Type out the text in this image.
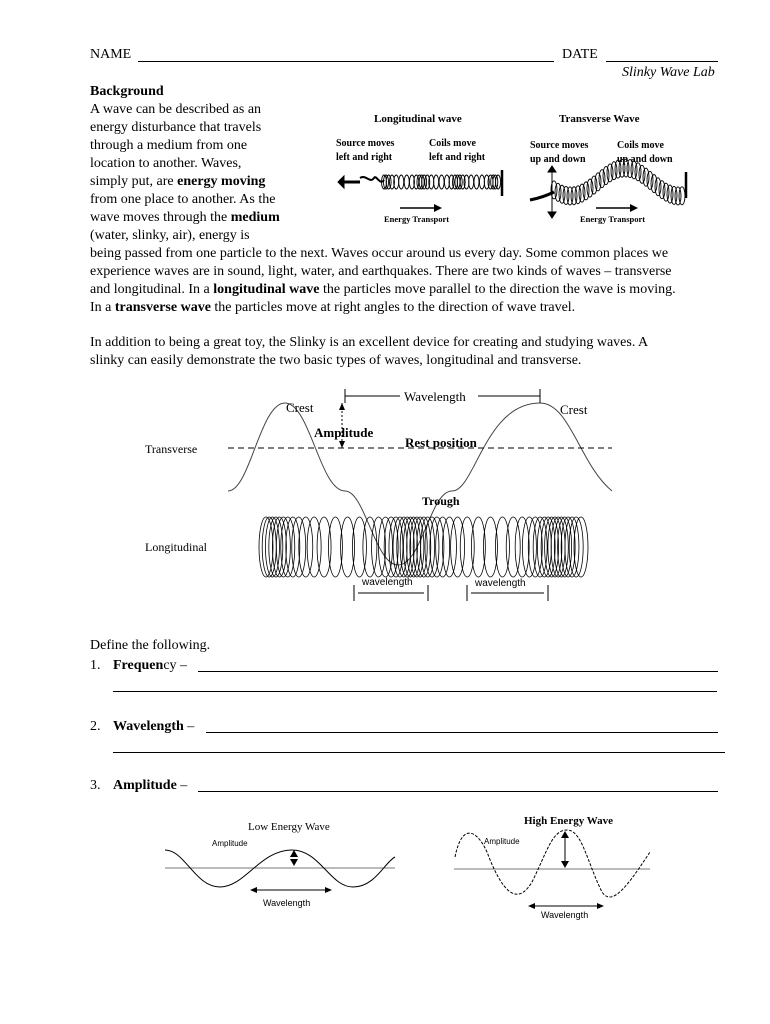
NAME	DATE
Slinky Wave Lab
Background
A wave can be described as an
energy disturbance that travels
through a medium from one
location to another. Waves,
simply put, are energy moving
from one place to another. As the
wave moves through the medium
(water, slinky, air), energy is
being passed from one particle to the next. Waves occur around us every day. Some common places we
experience waves are in sound, light, water, and earthquakes. There are two kinds of waves – transverse
and longitudinal. In a longitudinal wave the particles move parallel to the direction the wave is moving.
In a transverse wave the particles move at right angles to the direction of wave travel.
Longitudinal wave	Transverse Wave
Source moves
left and right
Coils move
left and right
Source moves
up and down
Coils move
up and down
Energy Transport	Energy Transport
In addition to being a great toy, the Slinky is an excellent device for creating and studying waves. A
slinky can easily demonstrate the two basic types of waves, longitudinal and transverse.
Crest	Crest
Wavelength
Amplitude
Rest position
Transverse
Trough
Longitudinal
wavelength	wavelength
Define the following.
1. Frequency –
2. Wavelength –
3. Amplitude –
Low Energy Wave
Amplitude
Wavelength
High Energy Wave
Amplitude
Wavelength
